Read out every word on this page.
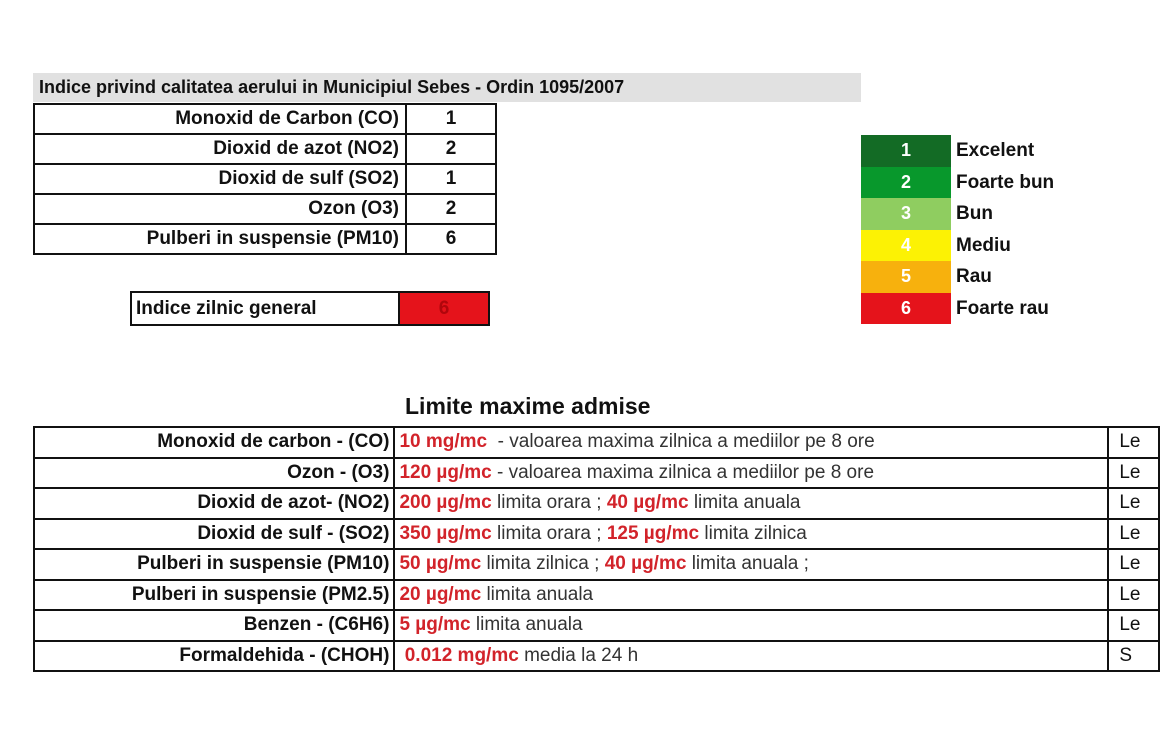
Indice privind calitatea aerului in Municipiul Sebes - Ordin 1095/2007
Monoxid de Carbon (CO)	1
Dioxid de azot (NO2)	2
Dioxid de sulf (SO2)	1
Ozon (O3)	2
Pulberi in suspensie (PM10)	6
Indice zilnic general	6
1	Excelent
2	Foarte bun
3	Bun
4	Mediu
5	Rau
6	Foarte rau
Limite maxime admise
Monoxid de carbon - (CO)	10 mg/mc  - valoarea maxima zilnica a mediilor pe 8 ore	Le
Ozon - (O3)	120 µg/mc - valoarea maxima zilnica a mediilor pe 8 ore	Le
Dioxid de azot- (NO2)	200 µg/mc limita orara ; 40 µg/mc limita anuala	Le
Dioxid de sulf - (SO2)	350 µg/mc limita orara ; 125 µg/mc limita zilnica	Le
Pulberi in suspensie (PM10)	50 µg/mc limita zilnica ; 40 µg/mc limita anuala ;	Le
Pulberi in suspensie (PM2.5)	20 µg/mc limita anuala	Le
Benzen - (C6H6)	5 µg/mc limita anuala	Le
Formaldehida - (CHOH)	0.012 mg/mc media la 24 h	S
